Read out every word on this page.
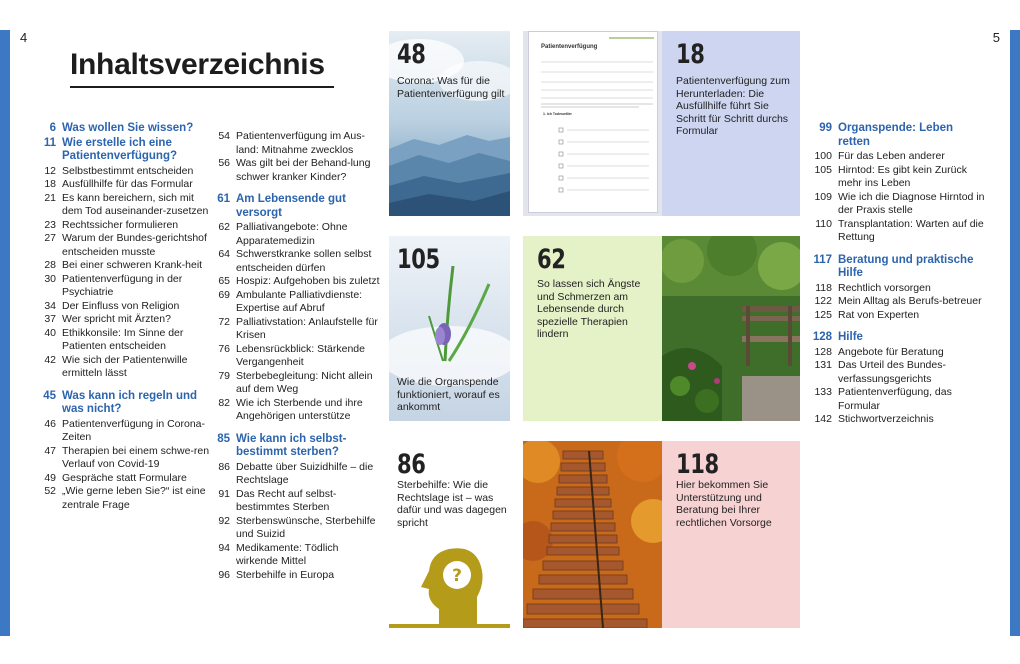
4	5
Inhaltsverzeichnis
6 Was wollen Sie wissen?
11 Wie erstelle ich eine Patientenverfügung?
12 Selbstbestimmt entscheiden
18 Ausfüllhilfe für das Formular
21 Es kann bereichern, sich mit dem Tod auseinander-zusetzen
23 Rechtssicher formulieren
27 Warum der Bundes-gerichtshof entscheiden musste
28 Bei einer schweren Krank-heit
30 Patientenverfügung in der Psychiatrie
34 Der Einfluss von Religion
37 Wer spricht mit Ärzten?
40 Ethikkonsile: Im Sinne der Patienten entscheiden
42 Wie sich der Patientenwille ermitteln lässt
45 Was kann ich regeln und was nicht?
46 Patientenverfügung in Corona-Zeiten
47 Therapien bei einem schwe-ren Verlauf von Covid-19
49 Gespräche statt Formulare
52 „Wie gerne leben Sie?“ ist eine zentrale Frage
54 Patientenverfügung im Aus-land: Mitnahme zwecklos
56 Was gilt bei der Behand-lung schwer kranker Kinder?
61 Am Lebensende gut versorgt
62 Palliativangebote: Ohne Apparatemedizin
64 Schwerstkranke sollen selbst entscheiden dürfen
65 Hospiz: Aufgehoben bis zuletzt
69 Ambulante Palliativdienste: Expertise auf Abruf
72 Palliativstation: Anlaufstelle für Krisen
76 Lebensrückblick: Stärkende Vergangenheit
79 Sterbebegleitung: Nicht allein auf dem Weg
82 Wie ich Sterbende und ihre Angehörigen unterstütze
85 Wie kann ich selbst-bestimmt sterben?
86 Debatte über Suizidhilfe – die Rechtslage
91 Das Recht auf selbst-bestimmtes Sterben
92 Sterbenswünsche, Sterbehilfe und Suizid
94 Medikamente: Tödlich wirkende Mittel
96 Sterbehilfe in Europa
99 Organspende: Leben retten
100 Für das Leben anderer
105 Hirntod: Es gibt kein Zurück mehr ins Leben
109 Wie ich die Diagnose Hirntod in der Praxis stelle
110 Transplantation: Warten auf die Rettung
117 Beratung und praktische Hilfe
118 Rechtlich vorsorgen
122 Mein Alltag als Berufs-betreuer
125 Rat von Experten
128 Hilfe
128 Angebote für Beratung
131 Das Urteil des Bundes-verfassungsgerichts
133 Patientenverfügung, das Formular
142 Stichwortverzeichnis
48
Corona: Was für die Patientenverfügung gilt
Patientenverfügung
1. Ich Todeswiller
18
Patientenverfügung zum Herunterladen: Die Ausfüllhilfe führt Sie Schritt für Schritt durchs Formular
105
Wie die Organspende funktioniert, worauf es ankommt
62
So lassen sich Ängste und Schmerzen am Lebensende durch spezielle Therapien lindern
86
Sterbehilfe: Wie die Rechtslage ist – was dafür und was dagegen spricht
?
118
Hier bekommen Sie Unterstützung und Beratung bei Ihrer rechtlichen Vorsorge
